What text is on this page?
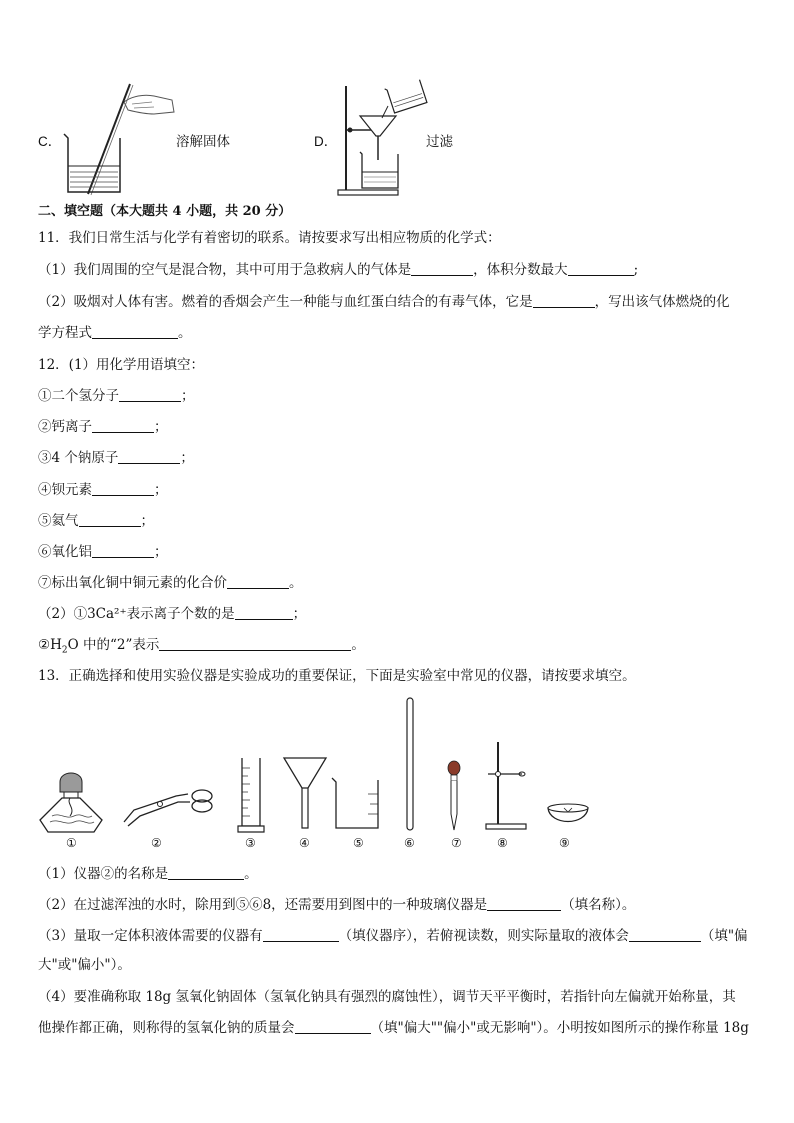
C．	溶解固体	D．	过滤
二、填空题（本大题共 4 小题，共 20 分）
11．我们日常生活与化学有着密切的联系。请按要求写出相应物质的化学式：
（1）我们周围的空气是混合物，其中可用于急救病人的气体是	，体积分数最大	;
（2）吸烟对人体有害。燃着的香烟会产生一种能与血红蛋白结合的有毒气体，它是	，写出该气体燃烧的化
学方程式	。
12．(1）用化学用语填空：
①二个氢分子	；
②钙离子	；
③4 个钠原子	；
④钡元素	；
⑤氦气	；
⑥氧化铝	；
⑦标出氧化铜中铜元素的化合价	。
（2）①3Ca²⁺表示离子个数的是	；
$②H_2O$ 中的“2”表示	。
13．正确选择和使用实验仪器是实验成功的重要保证，下面是实验室中常见的仪器，请按要求填空。
①	②	③	④	⑤	⑥	⑦	⑧	⑨
（1）仪器②的名称是	。
（2）在过滤浑浊的水时，除用到⑤⑥8，还需要用到图中的一种玻璃仪器是	（填名称）。
（3）量取一定体积液体需要的仪器有	（填仪器序），若俯视读数，则实际量取的液体会	（填"偏
大"或"偏小"）。
（4）要准确称取 18g 氢氧化钠固体（氢氧化钠具有强烈的腐蚀性），调节天平平衡时，若指针向左偏就开始称量，其
他操作都正确，则称得的氢氧化钠的质量会	（填"偏大""偏小"或无影响"）。小明按如图所示的操作称量 18g
